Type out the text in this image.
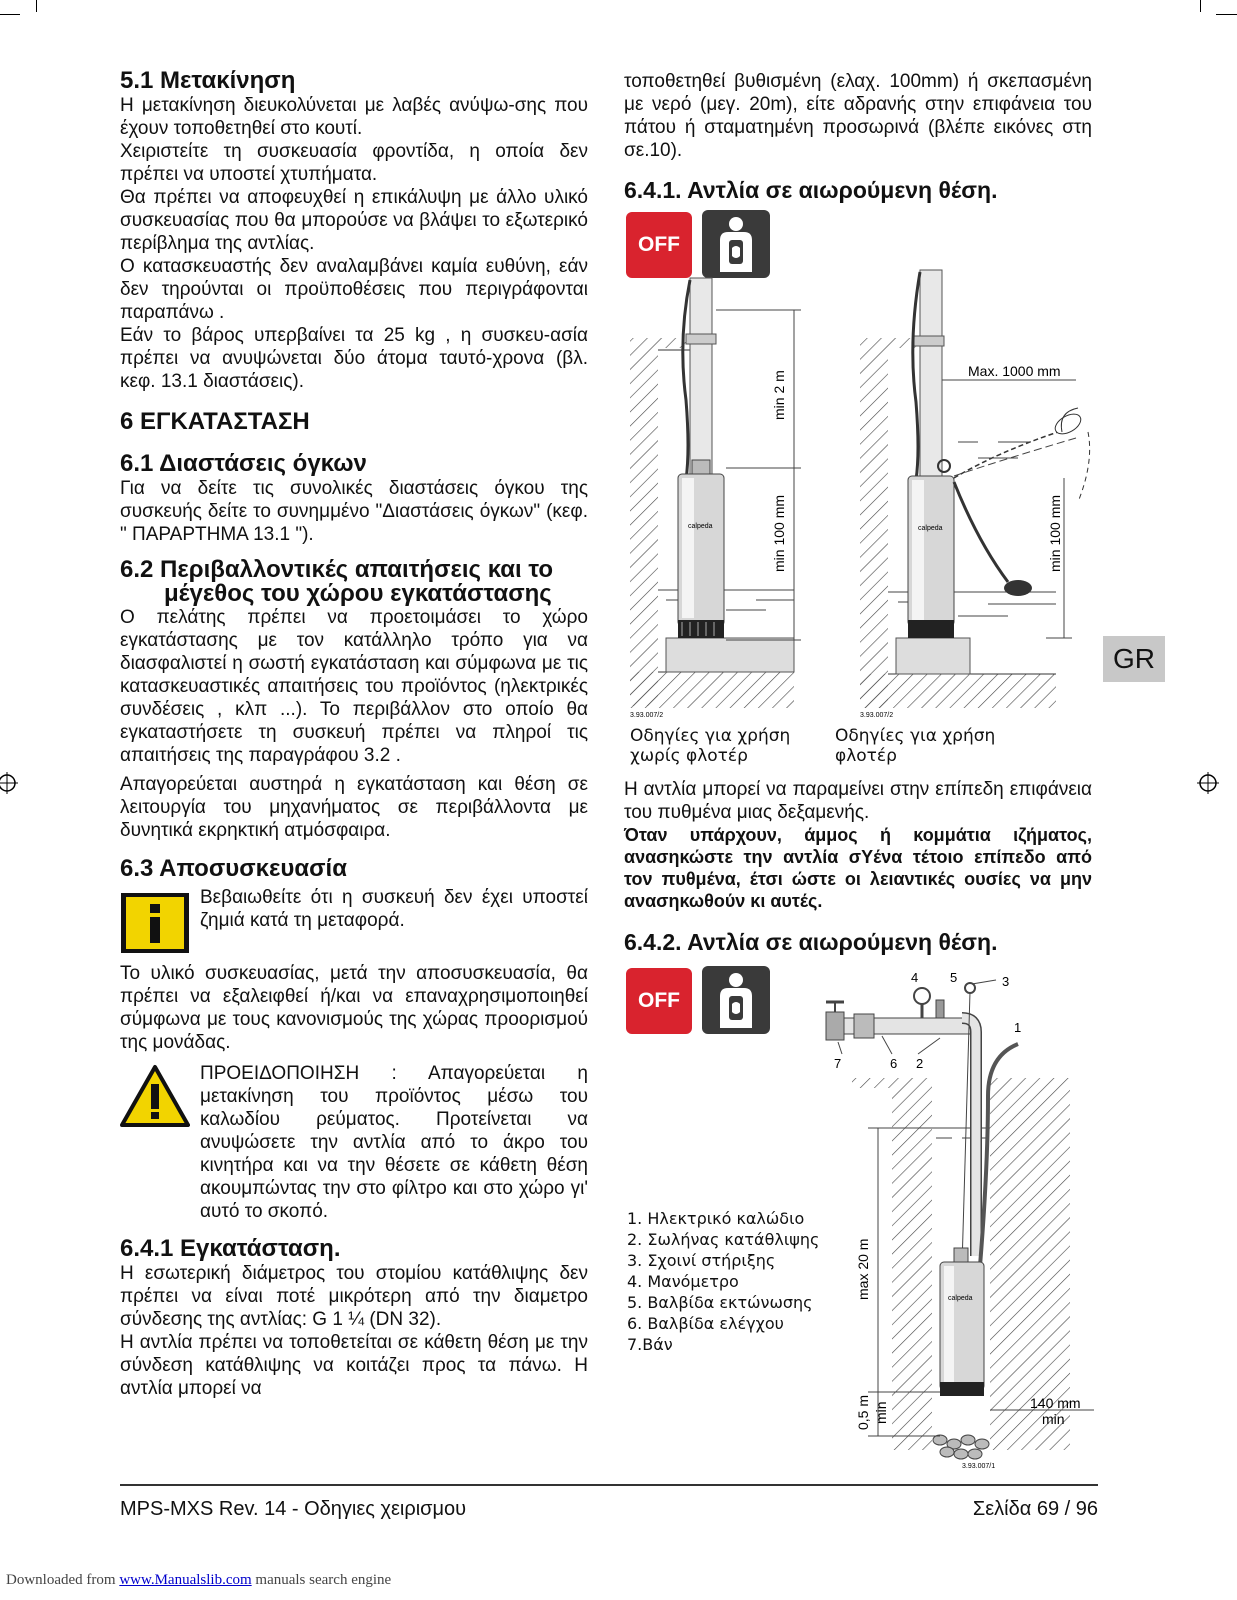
5.1 Μετακίνηση

Η μετακίνηση διευκολύνεται με λαβές ανύψω-σης που έχουν τοποθετηθεί στο κουτί.

Χειριστείτε τη συσκευασία φροντίδα, η οποία δεν πρέπει να υποστεί χτυπήματα.

Θα πρέπει να αποφευχθεί η επικάλυψη με άλλο υλικό συσκευασίας που θα μπορούσε να βλάψει το εξωτερικό περίβλημα της αντλίας.

Ο κατασκευαστής δεν αναλαμβάνει καμία ευθύνη, εάν δεν τηρούνται οι προϋποθέσεις που περιγράφονται παραπάνω .

Εάν το βάρος υπερβαίνει τα 25 kg , η συσκευ-ασία πρέπει να ανυψώνεται δύο άτομα ταυτό-χρονα (βλ. κεφ. 13.1 διαστάσεις).

6 ΕΓΚΑΤΑΣΤΑΣΗ
6.1 Διαστάσεις όγκων

Για να δείτε τις συνολικές διαστάσεις όγκου της συσκευής δείτε το συνημμένο "Διαστάσεις όγκων" (κεφ. " ΠΑΡΑΡΤΗΜΑ 13.1 ").

6.2 Περιβαλλοντικές απαιτήσεις και το
μέγεθος του χώρου εγκατάστασης

Ο πελάτης πρέπει να προετοιμάσει το χώρο εγκατάστασης με τον κατάλληλο τρόπο για να διασφαλιστεί η σωστή εγκατάσταση και σύμφωνα με τις κατασκευαστικές απαιτήσεις του προϊόντος (ηλεκτρικές συνδέσεις , κλπ ...). Το περιβάλλον στο οποίο θα εγκαταστήσετε τη συσκευή πρέπει να πληροί τις απαιτήσεις της παραγράφου 3.2 .

Απαγορεύεται αυστηρά η εγκατάσταση και θέση σε λειτουργία του μηχανήματος σε περιβάλλοντα με δυνητικά εκρηκτική ατμόσφαιρα.

6.3 Αποσυσκευασία

Βεβαιωθείτε ότι η συσκευή δεν έχει υποστεί ζημιά κατά τη μεταφορά.

Το υλικό συσκευασίας, μετά την αποσυσκευασία, θα πρέπει να εξαλειφθεί ή/και να επαναχρησιμοποιηθεί σύμφωνα με τους κανονισμούς της χώρας προορισμού της μονάδας.

ΠΡΟΕΙΔΟΠΟΙΗΣΗ : Απαγορεύεται η μετακίνηση του προϊόντος μέσω του καλωδίου ρεύματος. Προτείνεται να ανυψώσετε την αντλία από το άκρο του κινητήρα και να την θέσετε σε κάθετη θέση ακουμπώντας την στο φίλτρο και στο χώρο γι' αυτό το σκοπό.

6.4.1 Εγκατάσταση.

Η εσωτερική διάμετρος του στομίου κατάθλιψης δεν πρέπει να είναι ποτέ μικρότερη από την διαμετρο σύνδεσης της αντλίας: G 1 ¼ (DN 32).

Η αντλία πρέπει να τοποθετείται σε κάθετη θέση με την σύνδεση κατάθλιψης να κοιτάζει προς τα πάνω. Η αντλία μπορεί να

τοποθετηθεί βυθισμένη (ελαχ. 100mm) ή σκεπασμένη με νερό (μεγ. 20m), είτε αδρανής στην επιφάνεια του πάτου ή σταματημένη προσωρινά (βλέπε εικόνες στη σε.10).

6.4.1. Αντλία σε αιωρούμενη θέση.
OFF
calpeda
min 2 m
min 100 mm
3.93.007/2
Οδηγίες για χρήση
χωρίς φλοτέρ
calpeda
Max. 1000 mm
min 100 mm
3.93.007/2
Οδηγίες για χρήση
φλοτέρ

Η αντλία μπορεί να παραμείνει στην επίπεδη επιφάνεια του πυθμένα μιας δεξαμενής.

Όταν υπάρχουν, άμμος ή κομμάτια ιζήματος, ανασηκώστε την αντλία σΥένα τέτοιο επίπεδο από τον πυθμένα, έτσι ώστε οι λειαντικές ουσίες να μην ανασηκωθούν κι αυτές.

6.4.2. Αντλία σε αιωρούμενη θέση.
OFF
calpeda
4 5	3
1
7	6 2
max 20 m
0,5 m min	140 mm
min
3.93.007/1
1. Ηλεκτρικό καλώδιο
2. Σωλήνας κατάθλιψης
3. Σχοινί στήριξης
4. Μανόμετρο
5. Βαλβίδα εκτώνωσης
6. Βαλβίδα ελέγχου
7.Βάν
GR
MPS-MXS Rev. 14 - Οδηγιες χειρισμου	Σελίδα 69 / 96
Downloaded from www.Manualslib.com manuals search engine
